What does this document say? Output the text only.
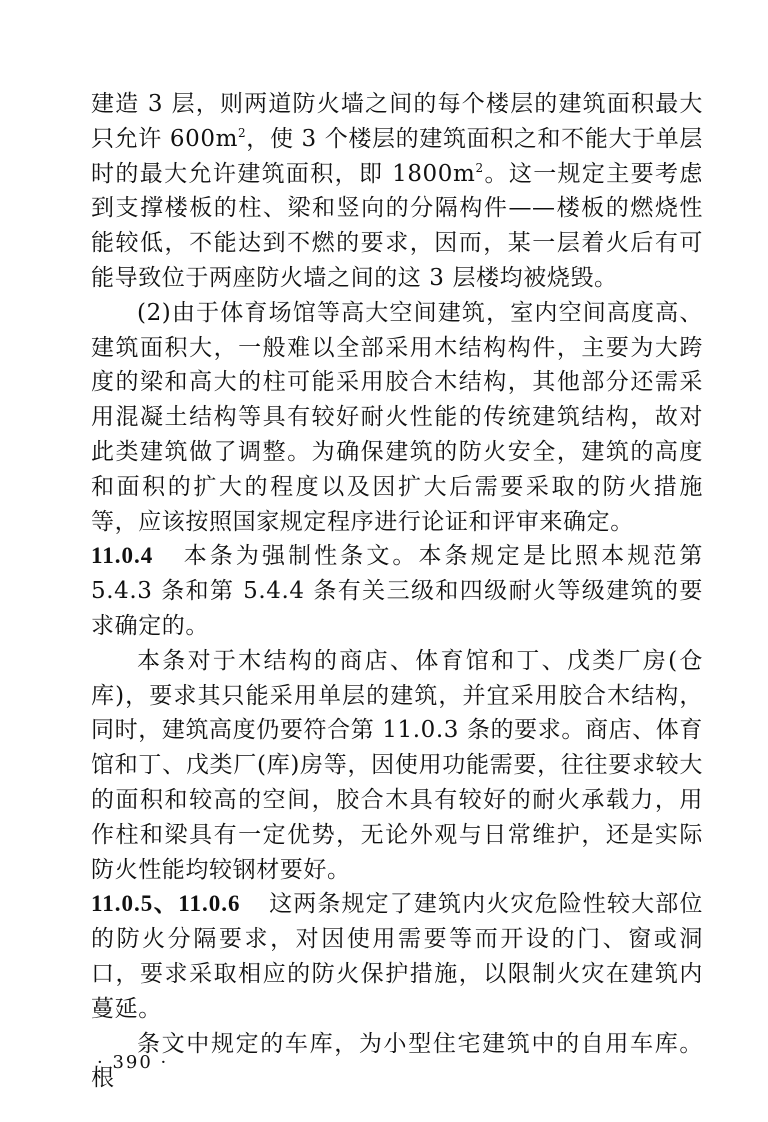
建造 3 层，则两道防火墙之间的每个楼层的建筑面积最大只允许 $600m^2$，使 3 个楼层的建筑面积之和不能大于单层时的最大允许建筑面积，即 $1800m^2$。这一规定主要考虑到支撑楼板的柱、梁和竖向的分隔构件——楼板的燃烧性能较低，不能达到不燃的要求，因而，某一层着火后有可能导致位于两座防火墙之间的这 3 层楼均被烧毁。

(2)由于体育场馆等高大空间建筑，室内空间高度高、建筑面积大，一般难以全部采用木结构构件，主要为大跨度的梁和高大的柱可能采用胶合木结构，其他部分还需采用混凝土结构等具有较好耐火性能的传统建筑结构，故对此类建筑做了调整。为确保建筑的防火安全，建筑的高度和面积的扩大的程度以及因扩大后需要采取的防火措施等，应该按照国家规定程序进行论证和评审来确定。

11.0.4 本条为强制性条文。本条规定是比照本规范第 5.4.3 条和第 5.4.4 条有关三级和四级耐火等级建筑的要求确定的。

本条对于木结构的商店、体育馆和丁、戊类厂房(仓库)，要求其只能采用单层的建筑，并宜采用胶合木结构，同时，建筑高度仍要符合第 11.0.3 条的要求。商店、体育馆和丁、戊类厂(库)房等，因使用功能需要，往往要求较大的面积和较高的空间，胶合木具有较好的耐火承载力，用作柱和梁具有一定优势，无论外观与日常维护，还是实际防火性能均较钢材要好。

11.0.5、11.0.6 这两条规定了建筑内火灾危险性较大部位的防火分隔要求，对因使用需要等而开设的门、窗或洞口，要求采取相应的防火保护措施，以限制火灾在建筑内蔓延。

条文中规定的车库，为小型住宅建筑中的自用车库。根

· 390 ·
